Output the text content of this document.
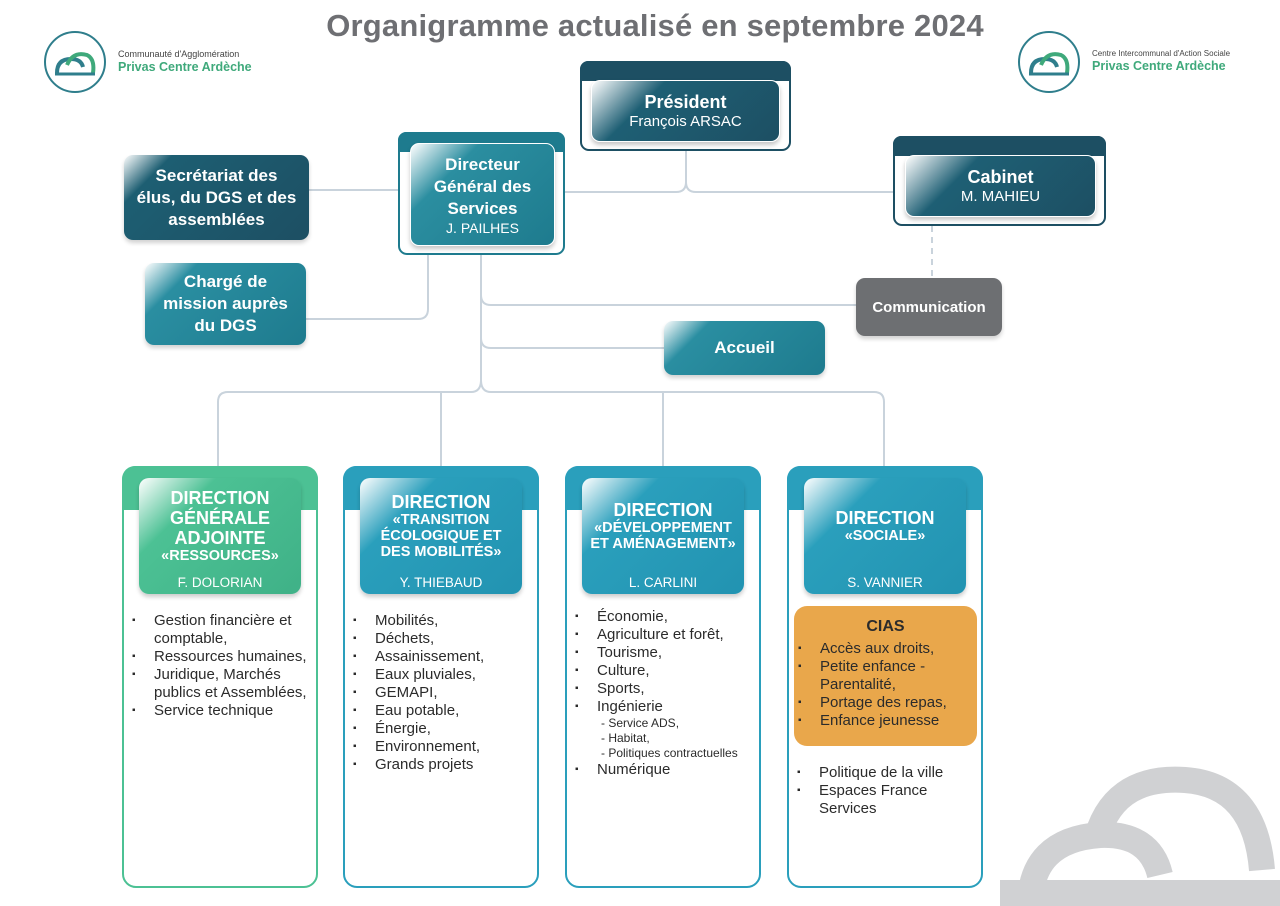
Organigramme actualisé en septembre 2024
Communauté d'Agglomération
Privas Centre Ardèche
Centre Intercommunal d'Action Sociale
Privas Centre Ardèche
Président
François ARSAC
Directeur Général des Services
J. PAILHES
Cabinet
M. MAHIEU
Secrétariat des élus, du DGS et des assemblées
Chargé de mission auprès du DGS
Communication
Accueil
DIRECTION
GÉNÉRALE ADJOINTE
«RESSOURCES»
F. DOLORIAN
▪ Gestion financière et comptable,
▪ Ressources humaines,
▪ Juridique, Marchés publics et Assemblées,
▪ Service technique
DIRECTION
«TRANSITION ÉCOLOGIQUE ET DES MOBILITÉS»
Y. THIEBAUD
▪ Mobilités,
▪ Déchets,
▪ Assainissement,
▪ Eaux pluviales,
▪ GEMAPI,
▪ Eau potable,
▪ Énergie,
▪ Environnement,
▪ Grands projets
DIRECTION
«DÉVELOPPEMENT ET AMÉNAGEMENT»
L. CARLINI
▪ Économie,
▪ Agriculture et forêt,
▪ Tourisme,
▪ Culture,
▪ Sports,
▪ Ingénierie
- Service ADS,
- Habitat,
- Politiques contractuelles
▪ Numérique
DIRECTION
«SOCIALE»
S. VANNIER
CIAS
▪ Accès aux droits,
▪ Petite enfance - Parentalité,
▪ Portage des repas,
▪ Enfance jeunesse
▪ Politique de la ville
▪ Espaces France Services
